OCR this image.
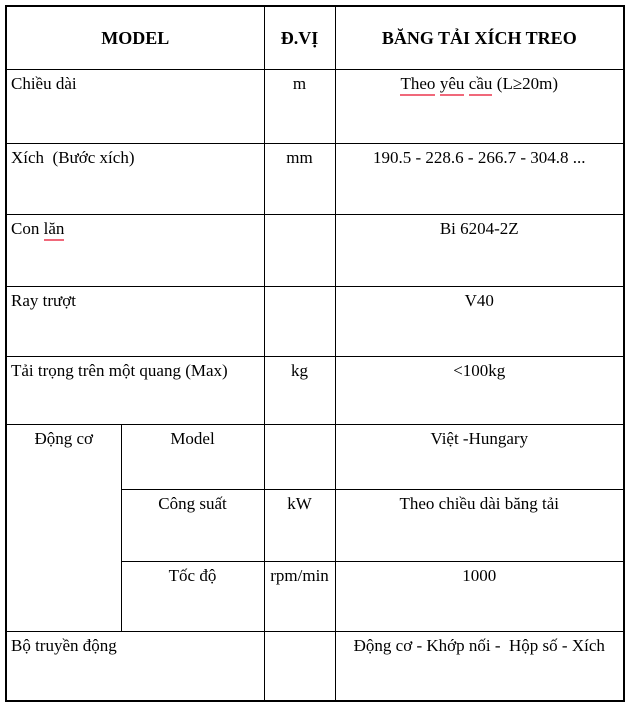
MODEL		Đ.VỊ	BĂNG TẢI XÍCH TREO
Chiều dài		m	Theo yêu cầu (L≥20m)
Xích  (Bước xích)		mm	190.5 - 228.6 - 266.7 - 304.8 ...
Con lăn			Bi 6204-2Z
Ray trượt			V40
Tải trọng trên một quang (Max)		kg	<100kg
Động cơ	Model		Việt -Hungary
	Công suất	kW	Theo chiều dài băng tải
	Tốc độ	rpm/min	1000
Bộ truyền động			Động cơ - Khớp nối -  Hộp số - Xích
